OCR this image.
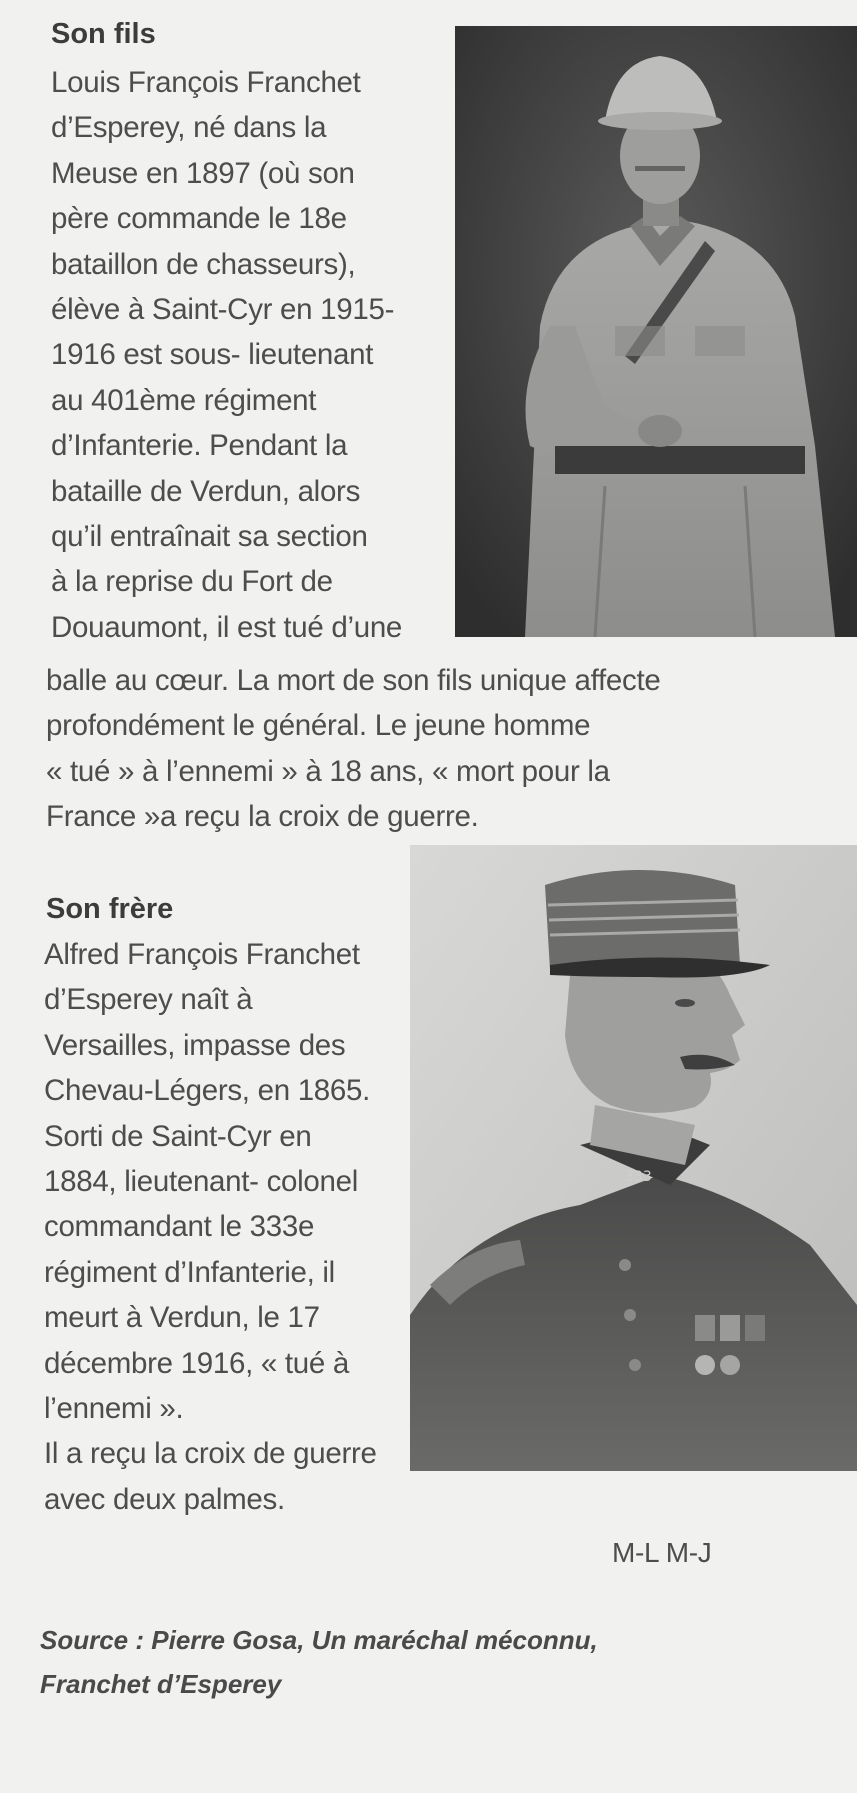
Son fils
Louis François Franchet
d’Esperey, né dans la
Meuse en 1897 (où son
père commande le 18e
bataillon de chasseurs),
élève à Saint-Cyr en 1915-
1916 est sous- lieutenant
au 401ème régiment
d’Infanterie. Pendant la
bataille de Verdun, alors
qu’il entraînait sa section
à la reprise du Fort de
Douaumont, il est tué d’une
balle au cœur. La mort de son fils unique affecte
profondément le général. Le jeune homme
« tué » à l’ennemi » à 18 ans, « mort pour la
France »a reçu la croix de guerre.
Son frère
Alfred François Franchet
d’Esperey naît à
Versailles, impasse des
Chevau-Légers, en 1865.
Sorti de Saint-Cyr en
1884, lieutenant- colonel
commandant le 333e
régiment d’Infanterie, il
meurt à Verdun, le 17
décembre 1916, « tué à
l’ennemi ».
Il a reçu la croix de guerre
avec deux palmes.
333
M-L M-J

Source : Pierre Gosa, Un maréchal méconnu,
Franchet d’Esperey
